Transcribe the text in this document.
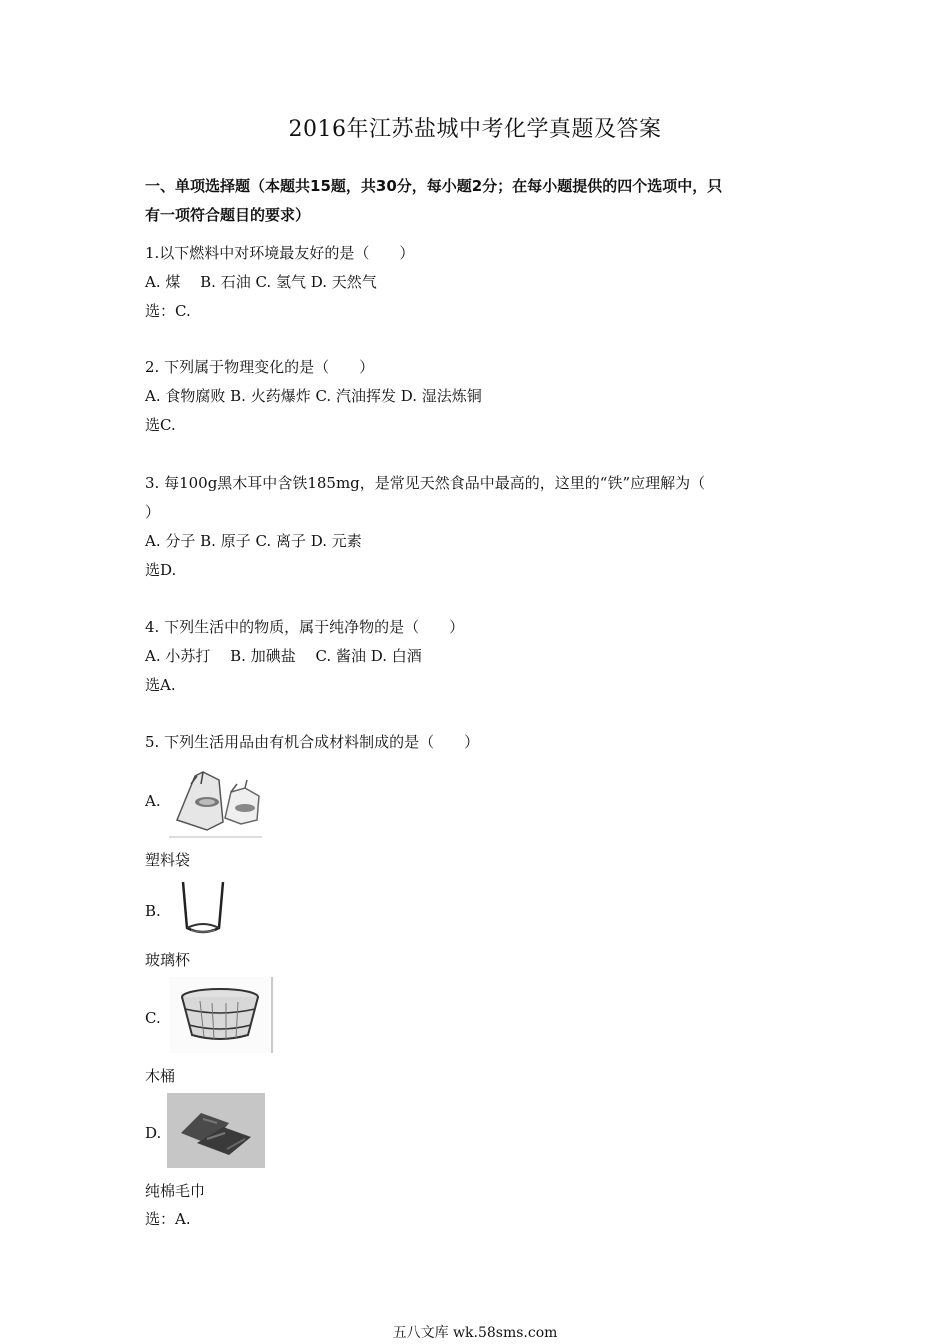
2016年江苏盐城中考化学真题及答案
一、单项选择题（本题共15题，共30分，每小题2分；在每小题提供的四个选项中，只
有一项符合题目的要求）
1.以下燃料中对环境最友好的是（　　）
A. 煤　 B. 石油 C. 氢气 D. 天然气
选：C.
2. 下列属于物理变化的是（　　）
A. 食物腐败 B. 火药爆炸 C. 汽油挥发 D. 湿法炼铜
选C.
3. 每100g黑木耳中含铁185mg，是常见天然食品中最高的，这里的“铁”应理解为（
）
A. 分子 B. 原子 C. 离子 D. 元素
选D.
4. 下列生活中的物质，属于纯净物的是（　　）
A. 小苏打　 B. 加碘盐　 C. 酱油 D. 白酒
选A.
5. 下列生活用品由有机合成材料制成的是（　　）
A.
塑料袋
B.
玻璃杯
C.
木桶
D.
纯棉毛巾
选：A.
五八文库 wk.58sms.com
